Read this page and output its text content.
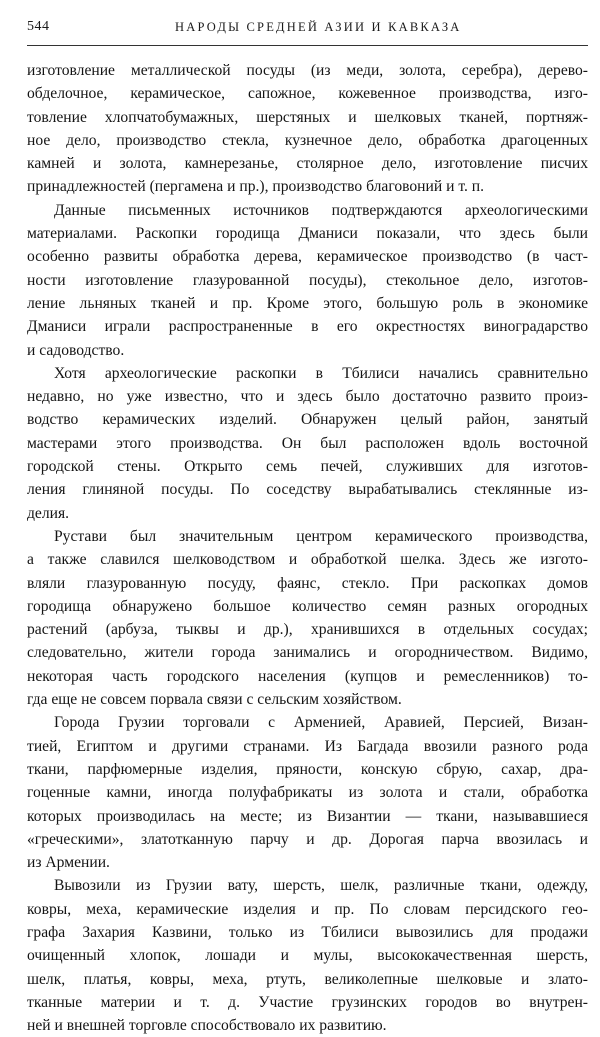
544	НАРОДЫ СРЕДНЕЙ АЗИИ И КАВКАЗА
изготовление металлической посуды (из меди, золота, серебра), дерево-
обделочное, керамическое, сапожное, кожевенное производства, изго-
товление хлопчатобумажных, шерстяных и шелковых тканей, портняж-
ное дело, производство стекла, кузнечное дело, обработка драгоценных
камней и золота, камнерезанье, столярное дело, изготовление писчих
принадлежностей (пергамена и пр.), производство благовоний и т. п.
Данные письменных источников подтверждаются археологическими
материалами. Раскопки городища Дманиси показали, что здесь были
особенно развиты обработка дерева, керамическое производство (в част-
ности изготовление глазурованной посуды), стекольное дело, изготов-
ление льняных тканей и пр. Кроме этого, большую роль в экономике
Дманиси играли распространенные в его окрестностях виноградарство
и садоводство.
Хотя археологические раскопки в Тбилиси начались сравнительно
недавно, но уже известно, что и здесь было достаточно развито произ-
водство керамических изделий. Обнаружен целый район, занятый
мастерами этого производства. Он был расположен вдоль восточной
городской стены. Открыто семь печей, служивших для изготов-
ления глиняной посуды. По соседству вырабатывались стеклянные из-
делия.
Рустави был значительным центром керамического производства,
а также славился шелководством и обработкой шелка. Здесь же изгото-
вляли глазурованную посуду, фаянс, стекло. При раскопках домов
городища обнаружено большое количество семян разных огородных
растений (арбуза, тыквы и др.), хранившихся в отдельных сосудах;
следовательно, жители города занимались и огородничеством. Видимо,
некоторая часть городского населения (купцов и ремесленников) то-
гда еще не совсем порвала связи с сельским хозяйством.
Города Грузии торговали с Арменией, Аравией, Персией, Визан-
тией, Египтом и другими странами. Из Багдада ввозили разного рода
ткани, парфюмерные изделия, пряности, конскую сбрую, сахар, дра-
гоценные камни, иногда полуфабрикаты из золота и стали, обработка
которых производилась на месте; из Византии — ткани, называвшиеся
«греческими», златотканную парчу и др. Дорогая парча ввозилась и
из Армении.
Вывозили из Грузии вату, шерсть, шелк, различные ткани, одежду,
ковры, меха, керамические изделия и пр. По словам персидского гео-
графа Захария Казвини, только из Тбилиси вывозились для продажи
очищенный хлопок, лошади и мулы, высококачественная шерсть,
шелк, платья, ковры, меха, ртуть, великолепные шелковые и злато-
тканные материи и т. д. Участие грузинских городов во внутрен-
ней и внешней торговле способствовало их развитию.
